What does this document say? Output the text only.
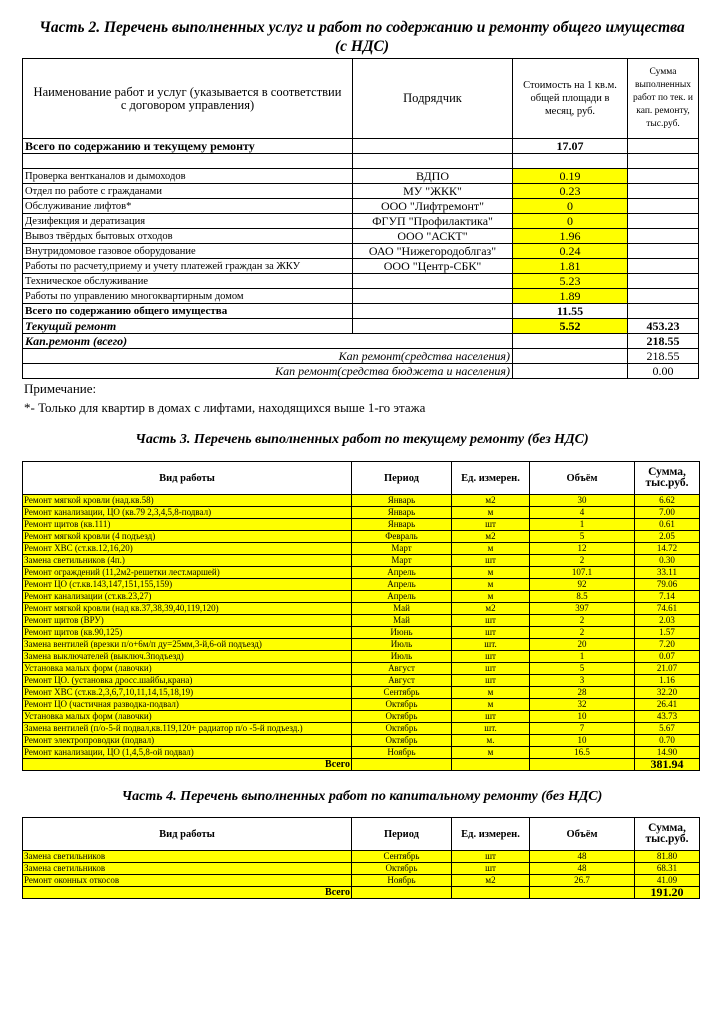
Часть 2. Перечень выполненных услуг и работ по содержанию и ремонту общего имущества
(с НДС)
Наименование работ и услуг (указывается в соответствии с договором управления)	Подрядчик	Стоимость на 1 кв.м. общей площади в месяц, руб.	Сумма выполненных работ по тек. и кап. ремонту, тыс.руб.
Всего по содержанию и текущему ремонту		17.07	

Проверка вентканалов и дымоходов	ВДПО	0.19	
Отдел по работе с гражданами	МУ "ЖКК"	0.23	
Обслуживание лифтов*	ООО "Лифтремонт"	0	
Дезифекция и дератизация	ФГУП "Профилактика"	0	
Вывоз твёрдых бытовых отходов	ООО "АСКТ"	1.96	
Внутридомовое газовое оборудование	ОАО "Нижегородоблгаз"	0.24	
Работы по расчету,приему и учету платежей граждан за ЖКУ	ООО "Центр-СБК"	1.81	
Техническое обслуживание		5.23	
Работы по управлению многоквартирным домом		1.89	
Всего по содержанию общего имущества		11.55	
Текущий ремонт		5.52	453.23
Кап.ремонт (всего)			218.55
Кап ремонт(средства населения)			218.55
Кап ремонт(средства бюджета и населения)			0.00
Примечание:
*- Только для квартир в домах с лифтами, находящихся выше 1-го этажа
Часть 3. Перечень выполненных работ по текущему ремонту (без НДС)
Вид работы	Период	Ед. измерен.	Объём	Сумма, тыс.руб.
Ремонт мягкой кровли (над.кв.58)	Январь	м2	30	6.62
Ремонт канализации, ЦО (кв.79 2,3,4,5,8-подвал)	Январь	м	4	7.00
Ремонт щитов (кв.111)	Январь	шт	1	0.61
Ремонт мягкой кровли (4 подъезд)	Февраль	м2	5	2.05
Ремонт ХВС (ст.кв.12,16,20)	Март	м	12	14.72
Замена светильников (4п.)	Март	шт	2	0.30
Ремонт ограждений (11,2м2-решетки лест.маршей)	Апрель	м	107.1	33.11
Ремонт ЦО (ст.кв.143,147,151,155,159)	Апрель	м	92	79.06
Ремонт канализации (ст.кв.23,27)	Апрель	м	8.5	7.14
Ремонт мягкой кровли (над кв.37,38,39,40,119,120)	Май	м2	397	74.61
Ремонт щитов (ВРУ)	Май	шт	2	2.03
Ремонт щитов (кв.90,125)	Июнь	шт	2	1.57
Замена вентилей (врезки п/о+6м/п ду=25мм,3-й,6-ой подъезд)	Июль	шт.	20	7.20
Замена выключателей (выключ.3подъезд)	Июль	шт	1	0.07
Установка малых форм (лавочки)	Август	шт	5	21.07
Ремонт ЦО. (установка дросс.шайбы,крана)	Август	шт	3	1.16
Ремонт ХВС (ст.кв.2,3,6,7,10,11,14,15,18,19)	Сентябрь	м	28	32.20
Ремонт ЦО (частичная разводка-подвал)	Октябрь	м	32	26.41
Установка малых форм (лавочки)	Октябрь	шт	10	43.73
Замена вентилей (п/о-5-й подвал,кв.119,120+ радиатор п/о -5-й подъезд.)	Октябрь	шт.	7	5.67
Ремонт электропроводки (подвал)	Октябрь	м.	10	0.70
Ремонт канализации, ЦО (1,4,5,8-ой подвал)	Ноябрь	м	16.5	14.90
Всего				381.94
Часть 4. Перечень выполненных работ по капитальному ремонту (без НДС)
Вид работы	Период	Ед. измерен.	Объём	Сумма, тыс.руб.
Замена светильников	Сентябрь	шт	48	81.80
Замена светильников	Октябрь	шт	48	68.31
Ремонт оконных откосов	Ноябрь	м2	26.7	41.09
Всего				191.20
